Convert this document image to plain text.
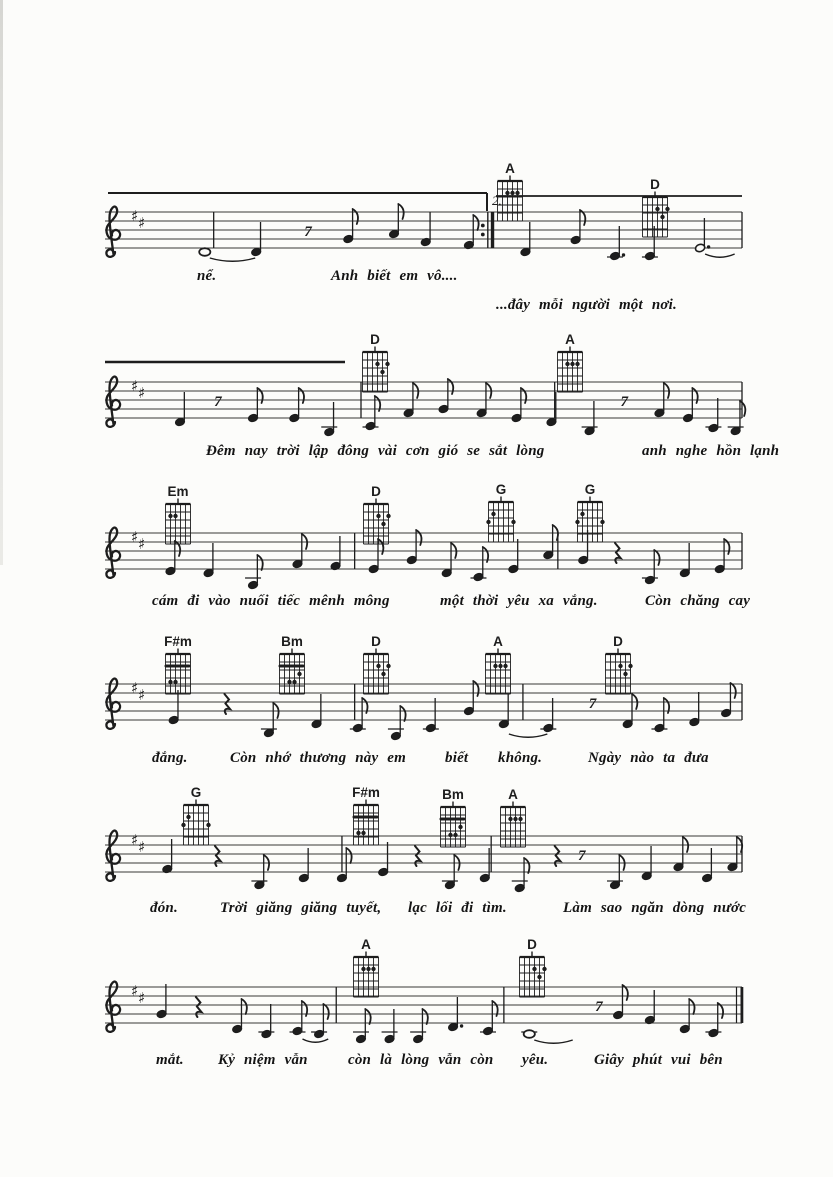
♯ ♯	7
2.
A
D
nể.	Anh biết em vô....
...đây mỗi người một nơi.
♯ ♯	7	7
D	A
Đêm nay trời lập đông vài cơn gió se sắt lòng	anh nghe hồn lạnh
♯ ♯
Em	D	G	G
cám đi vào nuối tiếc mênh mông	một thời yêu xa vắng.	Còn chăng cay
♯ ♯	7
F#m	Bm	D	A	D
đắng.	Còn nhớ thương này em	biết không.	Ngày nào ta đưa
♯ ♯	7
G	F#m	Bm	A
đón.	Trời giăng giăng tuyết, lạc lối đi tìm.	Làm sao ngăn dòng nước
♯ ♯	7
A	D
mắt. Kỷ niệm vẫn	còn là lòng vẫn còn yêu.	Giây phút vui bên
